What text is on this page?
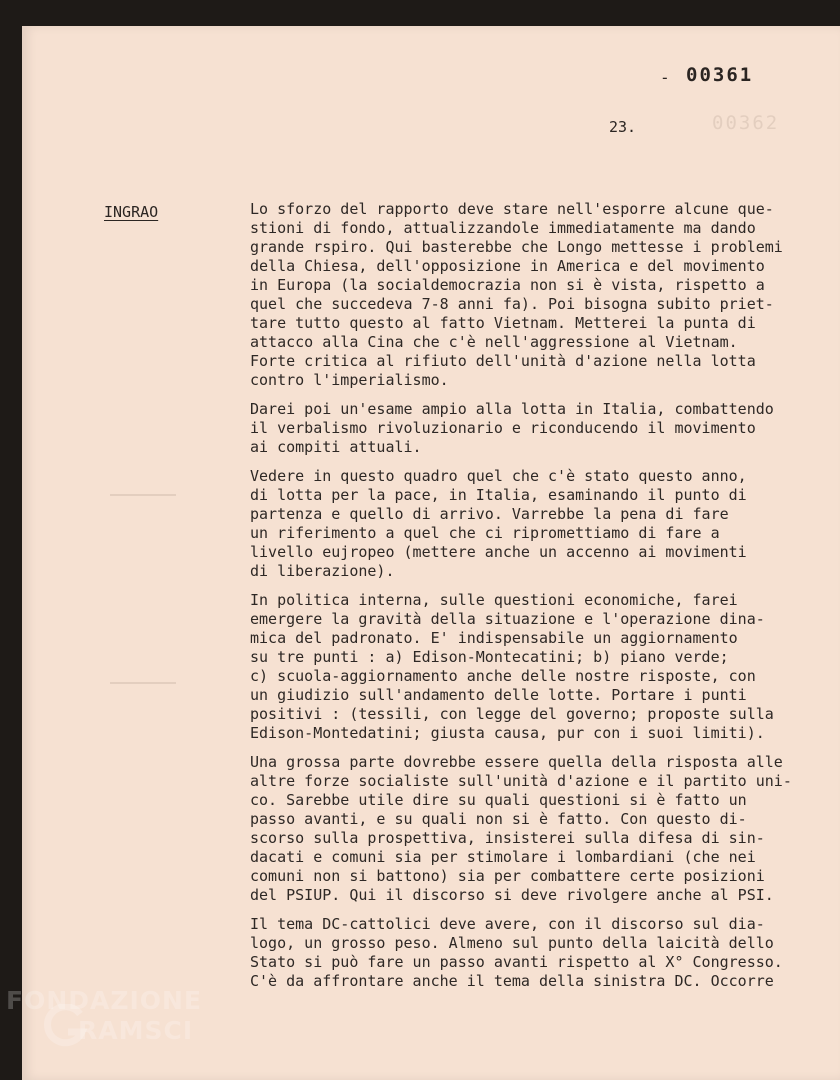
00362
- 00361

23.

INGRAO	Lo sforzo del rapporto deve stare nell'esporre alcune que-
stioni di fondo, attualizzandole immediatamente ma dando
grande rspiro. Qui basterebbe che Longo mettesse i problemi
della Chiesa, dell'opposizione in America e del movimento
in Europa (la socialdemocrazia non si è vista, rispetto a
quel che succedeva 7-8 anni fa). Poi bisogna subito priet-
tare tutto questo al fatto Vietnam. Metterei la punta di
attacco alla Cina che c'è nell'aggressione al Vietnam.
Forte critica al rifiuto dell'unità d'azione nella lotta
contro l'imperialismo.
Darei poi un'esame ampio alla lotta in Italia, combattendo
il verbalismo rivoluzionario e riconducendo il movimento
ai compiti attuali.
Vedere in questo quadro quel che c'è stato questo anno,
di lotta per la pace, in Italia, esaminando il punto di
partenza e quello di arrivo. Varrebbe la pena di fare
un riferimento a quel che ci ripromettiamo di fare a
livello eujropeo (mettere anche un accenno ai movimenti
di liberazione).
In politica interna, sulle questioni economiche, farei
emergere la gravità della situazione e l'operazione dina-
mica del padronato. E' indispensabile un aggiornamento
su tre punti : a) Edison-Montecatini; b) piano verde;
c) scuola-aggiornamento anche delle nostre risposte, con
un giudizio sull'andamento delle lotte. Portare i punti
positivi : (tessili, con legge del governo; proposte sulla
Edison-Montedatini; giusta causa, pur con i suoi limiti).
Una grossa parte dovrebbe essere quella della risposta alle
altre forze socialiste sull'unità d'azione e il partito uni-
co. Sarebbe utile dire su quali questioni si è fatto un
passo avanti, e su quali non si è fatto. Con questo di-
scorso sulla prospettiva, insisterei sulla difesa di sin-
dacati e comuni sia per stimolare i lombardiani (che nei
comuni non si battono) sia per combattere certe posizioni
del PSIUP. Qui il discorso si deve rivolgere anche al PSI.
Il tema DC-cattolici deve avere, con il discorso sul dia-
logo, un grosso peso. Almeno sul punto della laicità dello
Stato si può fare un passo avanti rispetto al X° Congresso.
C'è da affrontare anche il tema della sinistra DC. Occorre
FONDAZIONE
RAMSCI
